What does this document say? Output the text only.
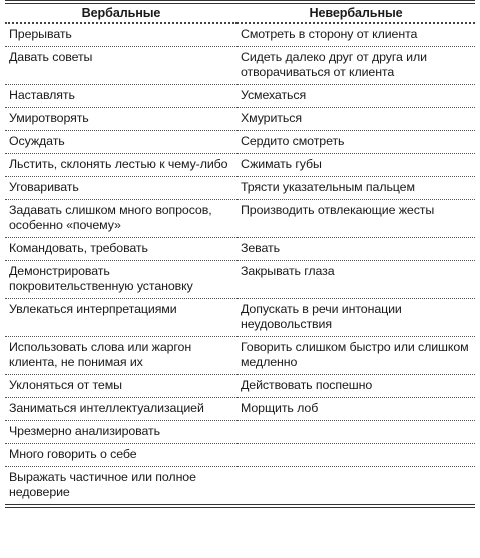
Вербальные	Невербальные

Прерывать	Смотреть в сторону от клиента

Давать советы	Сидеть далеко друг от друга или отворачиваться от клиента

Наставлять	Усмехаться

Умиротворять	Хмуриться

Осуждать	Сердито смотреть

Льстить, склонять лестью к чему-либо	Сжимать губы

Уговаривать	Трясти указательным пальцем

Задавать слишком много вопросов, особенно «почему»	Производить отвлекающие жесты

Командовать, требовать	Зевать

Демонстрировать покровительственную установку	Закрывать глаза

Увлекаться интерпретациями	Допускать в речи интонации неудовольствия

Использовать слова или жаргон клиента, не понимая их	Говорить слишком быстро или слишком медленно

Уклоняться от темы	Действовать поспешно

Заниматься интеллектуализацией	Морщить лоб

Чрезмерно анализировать	

Много говорить о себе	

Выражать частичное или полное недоверие	
